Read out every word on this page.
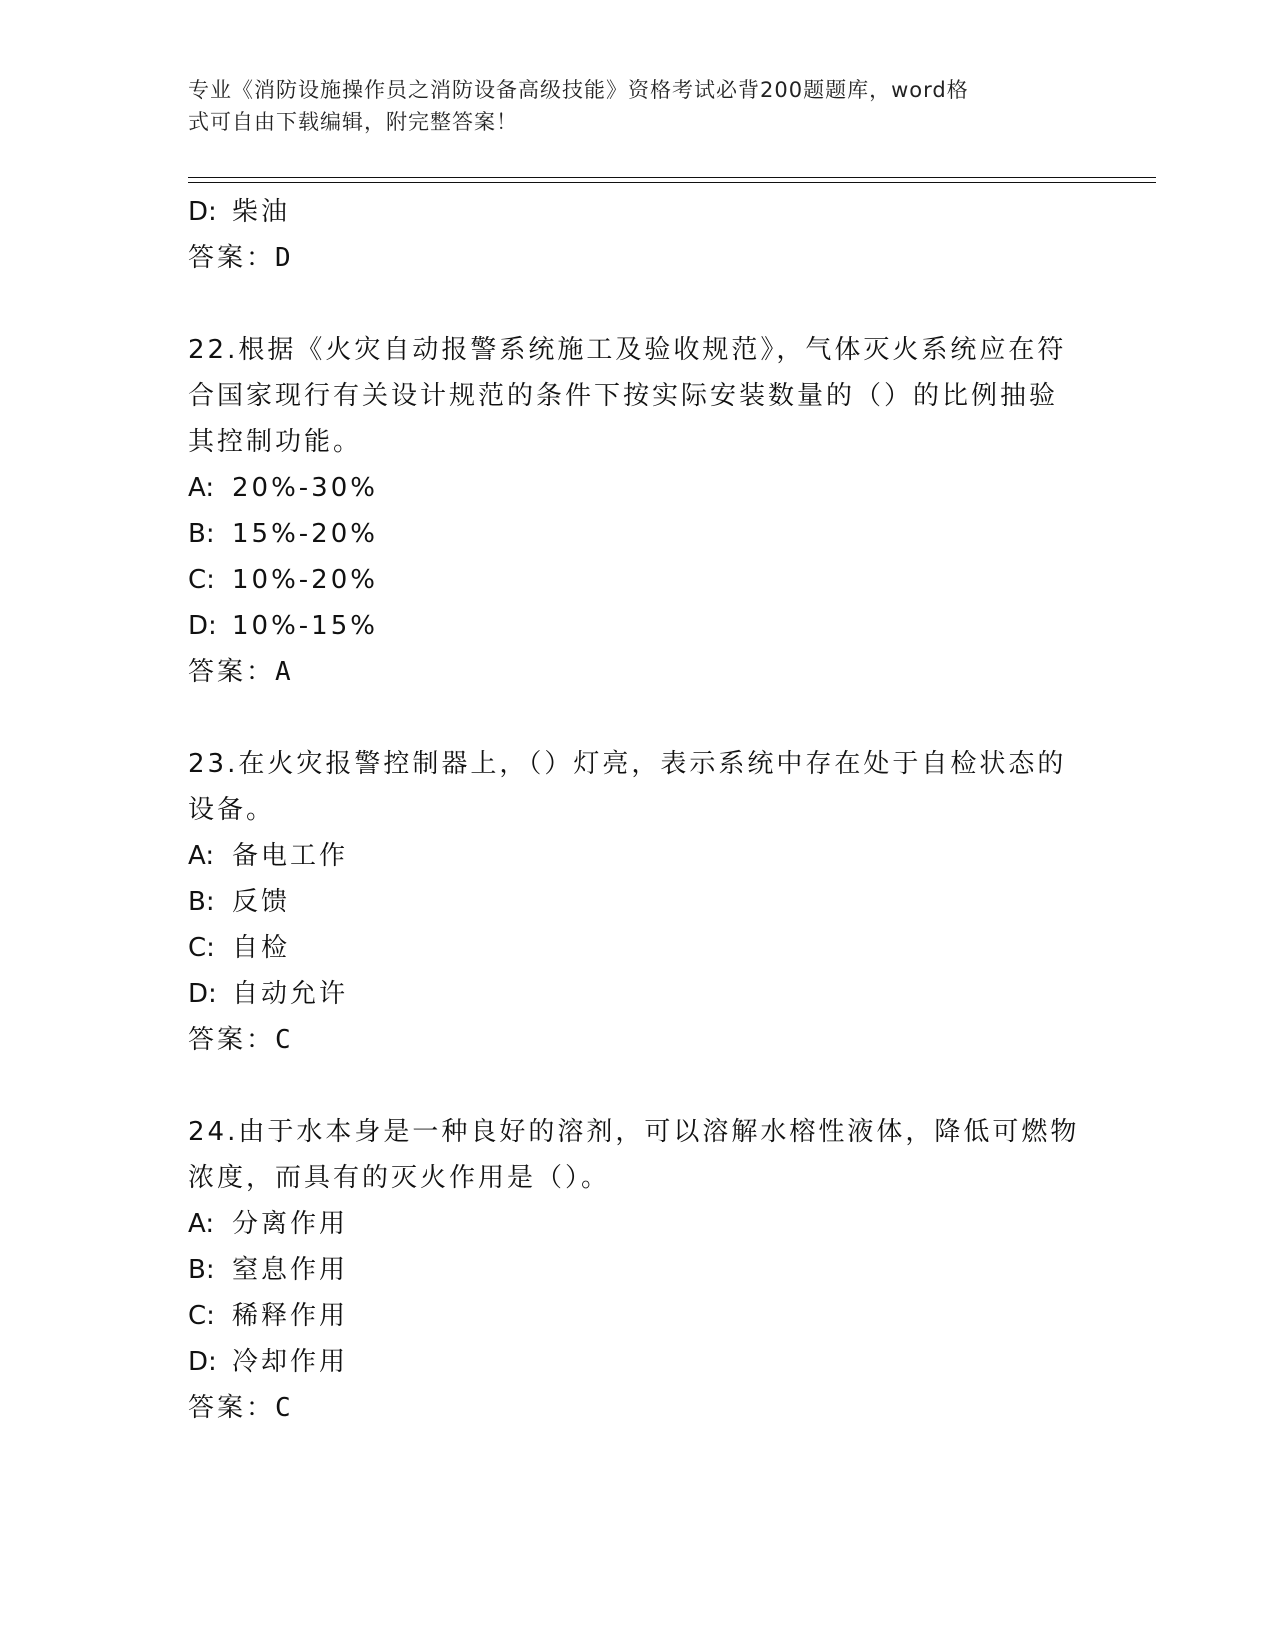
专业《消防设施操作员之消防设备高级技能》资格考试必背200题题库，word格
式可自由下载编辑，附完整答案！
D: 柴油
答案：D
22.根据《火灾自动报警系统施工及验收规范》，气体灭火系统应在符
合国家现行有关设计规范的条件下按实际安装数量的（）的比例抽验
其控制功能。
A: 20%-30%
B: 15%-20%
C: 10%-20%
D: 10%-15%
答案：A
23.在火灾报警控制器上，（）灯亮，表示系统中存在处于自检状态的
设备。
A: 备电工作
B: 反馈
C: 自检
D: 自动允许
答案：C
24.由于水本身是一种良好的溶剂，可以溶解水榕性液体，降低可燃物
浓度，而具有的灭火作用是（）。
A: 分离作用
B: 窒息作用
C: 稀释作用
D: 冷却作用
答案：C
